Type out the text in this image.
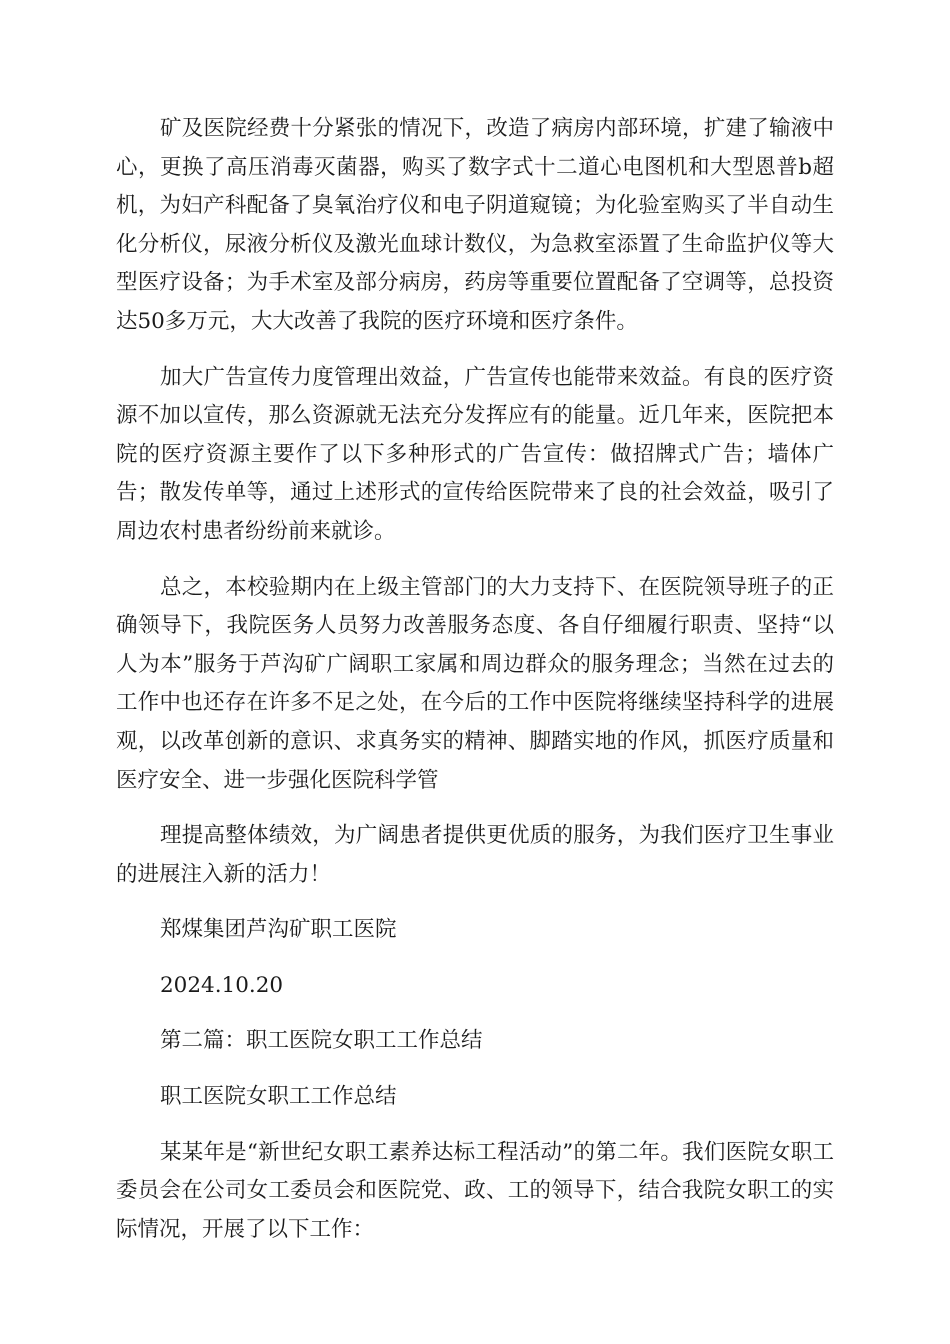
矿及医院经费十分紧张的情况下，改造了病房内部环境，扩建了输液中心，更换了高压消毒灭菌器，购买了数字式十二道心电图机和大型恩普b超机，为妇产科配备了臭氧治疗仪和电子阴道窥镜；为化验室购买了半自动生化分析仪，尿液分析仪及激光血球计数仪，为急救室添置了生命监护仪等大型医疗设备；为手术室及部分病房，药房等重要位置配备了空调等，总投资达50多万元，大大改善了我院的医疗环境和医疗条件。

加大广告宣传力度管理出效益，广告宣传也能带来效益。有良的医疗资源不加以宣传，那么资源就无法充分发挥应有的能量。近几年来，医院把本院的医疗资源主要作了以下多种形式的广告宣传：做招牌式广告；墙体广告；散发传单等，通过上述形式的宣传给医院带来了良的社会效益，吸引了周边农村患者纷纷前来就诊。

总之，本校验期内在上级主管部门的大力支持下、在医院领导班子的正确领导下，我院医务人员努力改善服务态度、各自仔细履行职责、坚持“以人为本”服务于芦沟矿广阔职工家属和周边群众的服务理念；当然在过去的工作中也还存在许多不足之处，在今后的工作中医院将继续坚持科学的进展观，以改革创新的意识、求真务实的精神、脚踏实地的作风，抓医疗质量和医疗安全、进一步强化医院科学管

理提高整体绩效，为广阔患者提供更优质的服务，为我们医疗卫生事业的进展注入新的活力！

郑煤集团芦沟矿职工医院
2024.10.20
第二篇：职工医院女职工工作总结
职工医院女职工工作总结

某某年是“新世纪女职工素养达标工程活动”的第二年。我们医院女职工委员会在公司女工委员会和医院党、政、工的领导下，结合我院女职工的实际情况，开展了以下工作：
